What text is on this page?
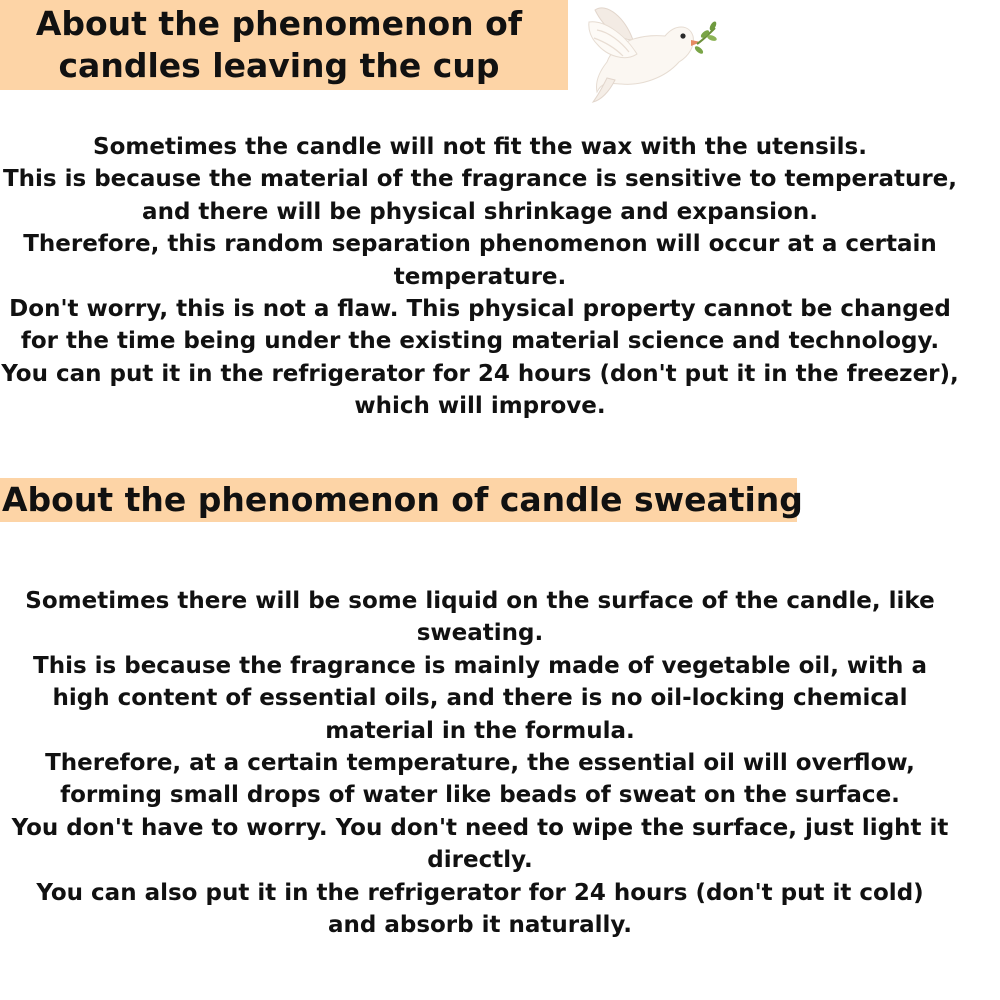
About the phenomenon of
candles leaving the cup
Sometimes the candle will not fit the wax with the utensils.
This is because the material of the fragrance is sensitive to temperature,
and there will be physical shrinkage and expansion.
Therefore, this random separation phenomenon will occur at a certain
temperature.
Don't worry, this is not a flaw. This physical property cannot be changed
for the time being under the existing material science and technology.
You can put it in the refrigerator for 24 hours (don't put it in the freezer),
which will improve.
About the phenomenon of candle sweating
Sometimes there will be some liquid on the surface of the candle, like
sweating.
This is because the fragrance is mainly made of vegetable oil, with a
high content of essential oils, and there is no oil-locking chemical
material in the formula.
Therefore, at a certain temperature, the essential oil will overflow,
forming small drops of water like beads of sweat on the surface.
You don't have to worry. You don't need to wipe the surface, just light it
directly.
You can also put it in the refrigerator for 24 hours (don't put it cold)
and absorb it naturally.
